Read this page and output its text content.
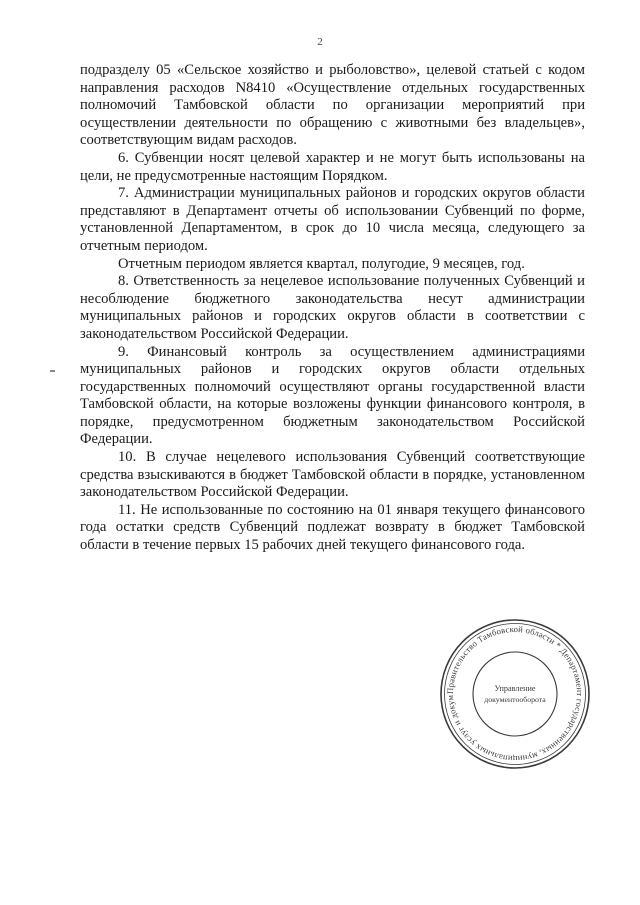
2

подразделу 05 «Сельское хозяйство и рыболовство», целевой статьей с кодом направления расходов N8410 «Осуществление отдельных государственных полномочий Тамбовской области по организации мероприятий при осуществлении деятельности по обращению с животными без владельцев», соответствующим видам расходов.

6. Субвенции носят целевой характер и не могут быть использованы на цели, не предусмотренные настоящим Порядком.

7. Администрации муниципальных районов и городских округов области представляют в Департамент отчеты об использовании Субвенций по форме, установленной Департаментом, в срок до 10 числа месяца, следующего за отчетным периодом.

Отчетным периодом является квартал, полугодие, 9 месяцев, год.

8. Ответственность за нецелевое использование полученных Субвенций и несоблюдение бюджетного законодательства несут администрации муниципальных районов и городских округов области в соответствии с законодательством Российской Федерации.

9. Финансовый контроль за осуществлением администрациями муниципальных районов и городских округов области отдельных государственных полномочий осуществляют органы государственной власти Тамбовской области, на которые возложены функции финансового контроля, в порядке, предусмотренном бюджетным законодательством Российской Федерации.

10. В случае нецелевого использования Субвенций соответствующие средства взыскиваются в бюджет Тамбовской области в порядке, установленном законодательством Российской Федерации.

11. Не использованные по состоянию на 01 января текущего финансового года остатки средств Субвенций подлежат возврату в бюджет Тамбовской области в течение первых 15 рабочих дней текущего финансового года.

Правительство Тамбовской области * Департамент государственных, муниципальных услуг и докум
Управление
документооборота
